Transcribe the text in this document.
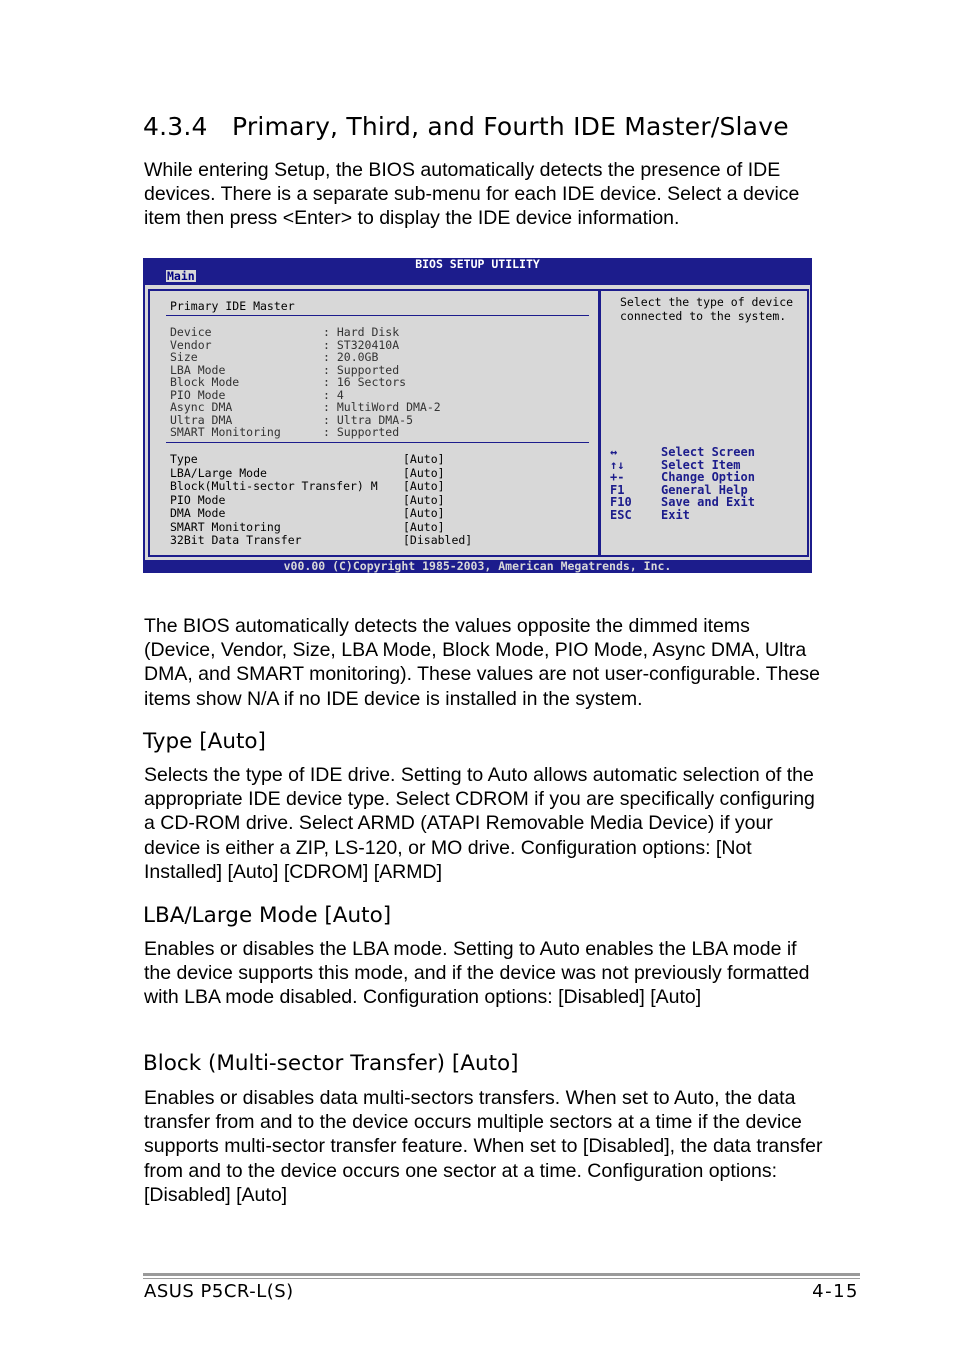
4.3.4   Primary, Third, and Fourth IDE Master/Slave

While entering Setup, the BIOS automatically detects the presence of IDE devices. There is a separate sub-menu for each IDE device. Select a device item then press <Enter> to display the IDE device information.

BIOS SETUP UTILITY
Main
Primary IDE Master
Device	: Hard Disk
Vendor	: ST320410A
Size	: 20.0GB
LBA Mode	: Supported
Block Mode	: 16 Sectors
PIO Mode	: 4
Async DMA	: MultiWord DMA-2
Ultra DMA	: Ultra DMA-5
SMART Monitoring	: Supported
Type	[Auto]
LBA/Large Mode	[Auto]
Block(Multi-sector Transfer) M [Auto]
PIO Mode	[Auto]
DMA Mode	[Auto]
SMART Monitoring	[Auto]
32Bit Data Transfer	[Disabled]
Select the type of device connected to the system.
↔	Select Screen
↑↓	Select Item
+-	Change Option
F1	General Help
F10 Save and Exit
ESC Exit
v00.00 (C)Copyright 1985-2003, American Megatrends, Inc.

The BIOS automatically detects the values opposite the dimmed items (Device, Vendor, Size, LBA Mode, Block Mode, PIO Mode, Async DMA, Ultra DMA, and SMART monitoring). These values are not user-configurable. These items show N/A if no IDE device is installed in the system.

Type [Auto]

Selects the type of IDE drive. Setting to Auto allows automatic selection of the appropriate IDE device type. Select CDROM if you are specifically configuring a CD-ROM drive. Select ARMD (ATAPI Removable Media Device) if your device is either a ZIP, LS-120, or MO drive. Configuration options: [Not Installed] [Auto] [CDROM] [ARMD]

LBA/Large Mode [Auto]

Enables or disables the LBA mode. Setting to Auto enables the LBA mode if the device supports this mode, and if the device was not previously formatted with LBA mode disabled. Configuration options: [Disabled] [Auto]

Block (Multi-sector Transfer) [Auto]

Enables or disables data multi-sectors transfers. When set to Auto, the data transfer from and to the device occurs multiple sectors at a time if the device supports multi-sector transfer feature. When set to [Disabled], the data transfer from and to the device occurs one sector at a time. Configuration options: [Disabled] [Auto]

ASUS P5CR-L(S)	4-15
